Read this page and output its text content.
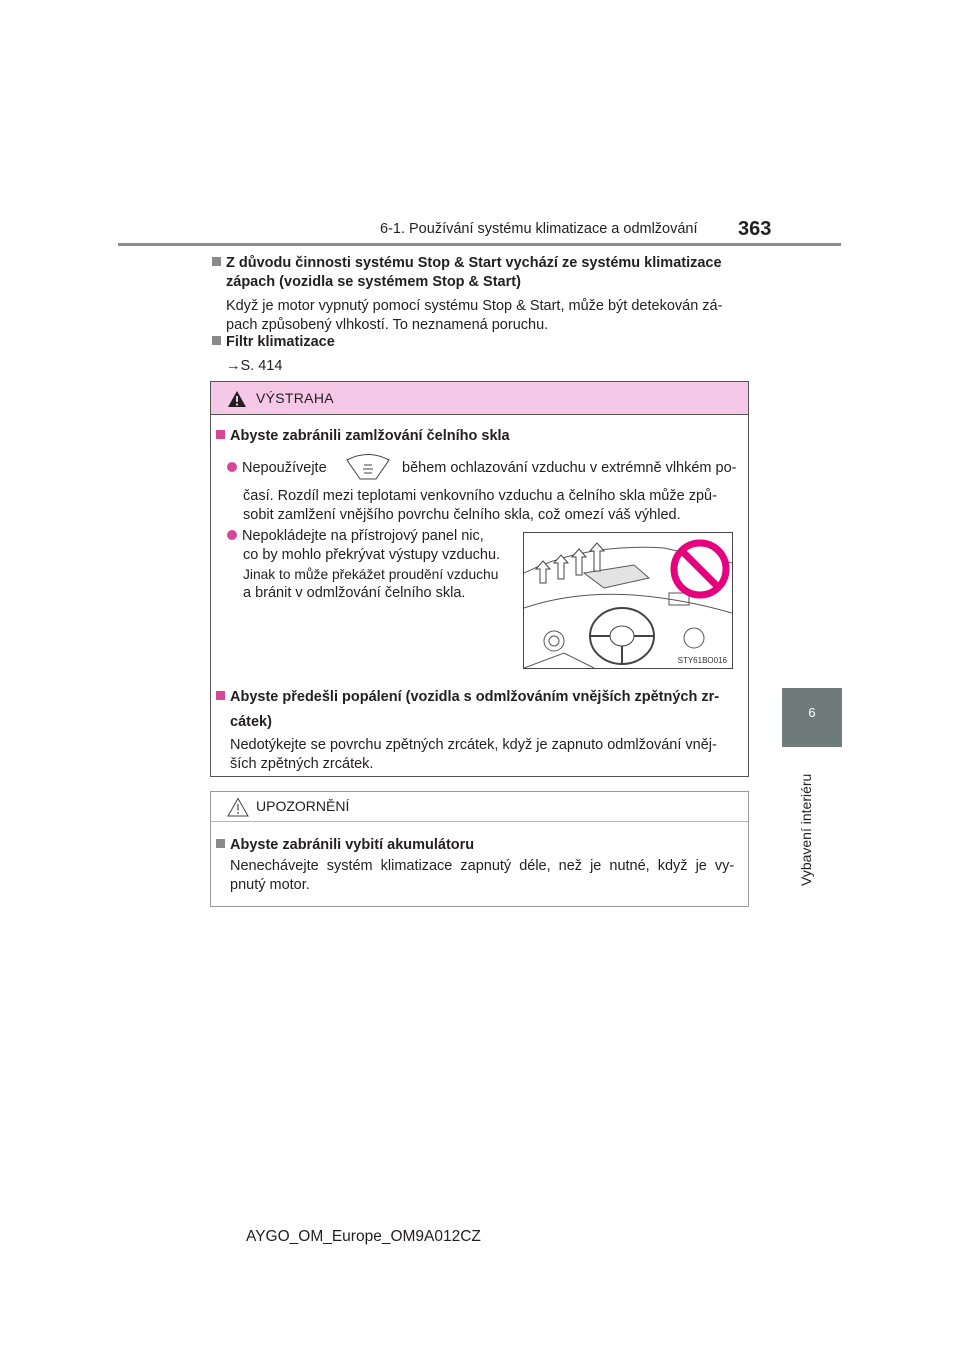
6-1. Používání systému klimatizace a odmlžování 363
6
Vybavení interiéru
Z důvodu činnosti systému Stop & Start vychází ze systému klimatizace
zápach (vozidla se systémem Stop & Start)
Když je motor vypnutý pomocí systému Stop & Start, může být detekován zá-
pach způsobený vlhkostí. To neznamená poruchu.
Filtr klimatizace
→S. 414
VÝSTRAHA
Abyste zabránili zamlžování čelního skla
Nepoužívejte	během ochlazování vzduchu v extrémně vlhkém po-
časí. Rozdíl mezi teplotami venkovního vzduchu a čelního skla může způ-
sobit zamlžení vnějšího povrchu čelního skla, což omezí váš výhled.
Nepokládejte na přístrojový panel nic,
co by mohlo překrývat výstupy vzduchu.
Jinak to může překážet proudění vzduchu
a bránit v odmlžování čelního skla.
STY61BO016
Abyste předešli popálení (vozidla s odmlžováním vnějších zpětných zr-
cátek)
Nedotýkejte se povrchu zpětných zrcátek, když je zapnuto odmlžování vněj-
ších zpětných zrcátek.
UPOZORNĚNÍ
Abyste zabránili vybití akumulátoru
Nenechávejte systém klimatizace zapnutý déle, než je nutné, když je vy-
pnutý motor.
AYGO_OM_Europe_OM9A012CZ
